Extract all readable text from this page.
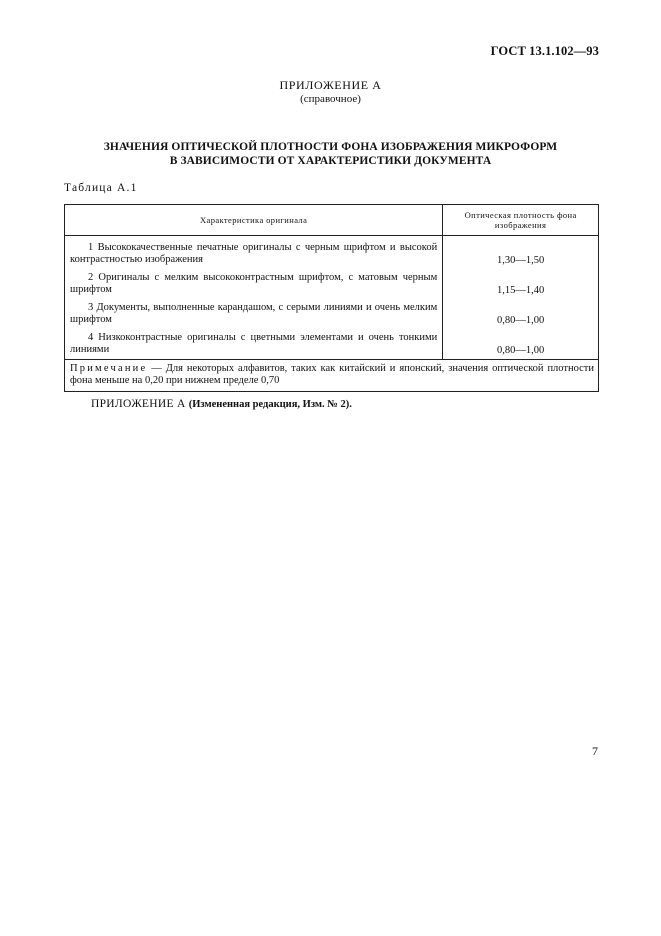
ГОСТ 13.1.102—93
ПРИЛОЖЕНИЕ А
(справочное)
ЗНАЧЕНИЯ ОПТИЧЕСКОЙ ПЛОТНОСТИ ФОНА ИЗОБРАЖЕНИЯ МИКРОФОРМ
В ЗАВИСИМОСТИ ОТ ХАРАКТЕРИСТИКИ ДОКУМЕНТА
Таблица А.1
Характеристика оригинала	Оптическая плотность фона изображения
1 Высококачественные печатные оригиналы с черным шрифтом и высокой контрастностью изображения	1,30—1,50
2 Оригиналы с мелким высококонтрастным шрифтом, с матовым черным шрифтом	1,15—1,40
3 Документы, выполненные карандашом, с серыми линиями и очень мелким шрифтом	0,80—1,00
4 Низкоконтрастные оригиналы с цветными элементами и очень тонкими линиями	0,80—1,00
Примечание — Для некоторых алфавитов, таких как китайский и японский, значения оптической плотности фона меньше на 0,20 при нижнем пределе 0,70	
ПРИЛОЖЕНИЕ А (Измененная редакция, Изм. № 2).
7
